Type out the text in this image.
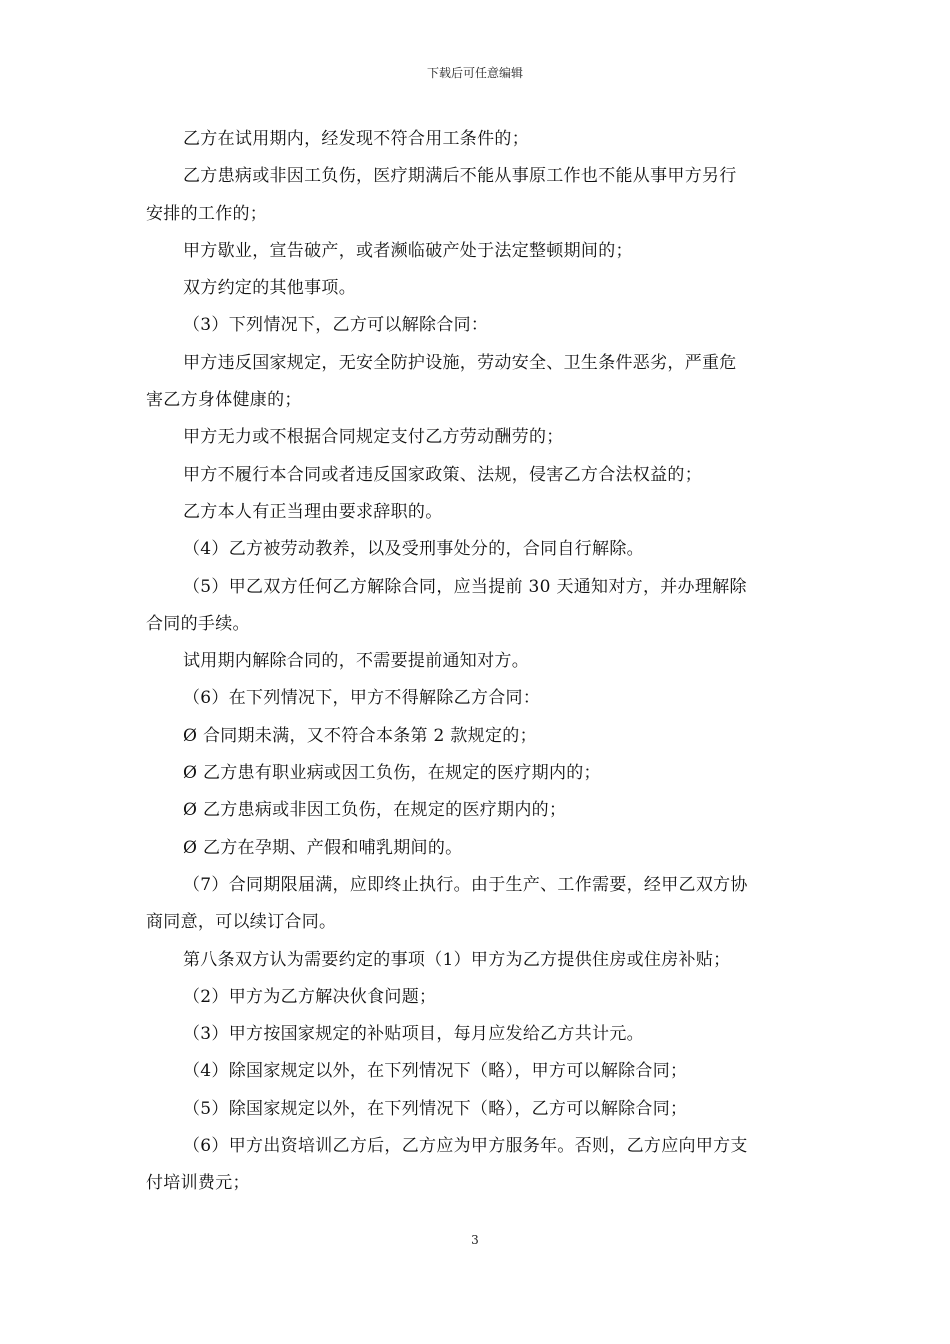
下载后可任意编辑
乙方在试用期内，经发现不符合用工条件的；
乙方患病或非因工负伤，医疗期满后不能从事原工作也不能从事甲方另行
安排的工作的；
甲方歇业，宣告破产，或者濒临破产处于法定整顿期间的；
双方约定的其他事项。
（3）下列情况下，乙方可以解除合同：
甲方违反国家规定，无安全防护设施，劳动安全、卫生条件恶劣，严重危
害乙方身体健康的；
甲方无力或不根据合同规定支付乙方劳动酬劳的；
甲方不履行本合同或者违反国家政策、法规，侵害乙方合法权益的；
乙方本人有正当理由要求辞职的。
（4）乙方被劳动教养，以及受刑事处分的，合同自行解除。
（5）甲乙双方任何乙方解除合同，应当提前 30 天通知对方，并办理解除
合同的手续。
试用期内解除合同的，不需要提前通知对方。
（6）在下列情况下，甲方不得解除乙方合同：
Ø 合同期未满，又不符合本条第 2 款规定的；
Ø 乙方患有职业病或因工负伤，在规定的医疗期内的；
Ø 乙方患病或非因工负伤，在规定的医疗期内的；
Ø 乙方在孕期、产假和哺乳期间的。
（7）合同期限届满，应即终止执行。由于生产、工作需要，经甲乙双方协
商同意，可以续订合同。
第八条双方认为需要约定的事项（1）甲方为乙方提供住房或住房补贴；
（2）甲方为乙方解决伙食问题；
（3）甲方按国家规定的补贴项目，每月应发给乙方共计元。
（4）除国家规定以外，在下列情况下（略），甲方可以解除合同；
（5）除国家规定以外，在下列情况下（略），乙方可以解除合同；
（6）甲方出资培训乙方后，乙方应为甲方服务年。否则，乙方应向甲方支
付培训费元；
3
